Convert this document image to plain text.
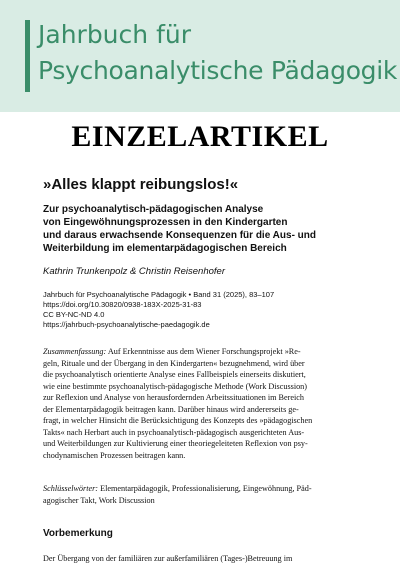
Jahrbuch für
Psychoanalytische Pädagogik
EINZELARTIKEL
»Alles klappt reibungslos!«
Zur psychoanalytisch-pädagogischen Analyse
von Eingewöhnungsprozessen in den Kindergarten
und daraus erwachsende Konsequenzen für die Aus- und
Weiterbildung im elementarpädagogischen Bereich
Kathrin Trunkenpolz & Christin Reisenhofer
Jahrbuch für Psychoanalytische Pädagogik • Band 31 (2025), 83–107
https://doi.org/10.30820/0938-183X-2025-31-83
CC BY-NC-ND 4.0
https://jahrbuch-psychoanalytische-paedagogik.de
Zusammenfassung: Auf Erkenntnisse aus dem Wiener Forschungsprojekt »Re-
geln, Rituale und der Übergang in den Kindergarten« bezugnehmend, wird über
die psychoanalytisch orientierte Analyse eines Fallbeispiels einerseits diskutiert,
wie eine bestimmte psychoanalytisch-pädagogische Methode (Work Discussion)
zur Reflexion und Analyse von herausfordernden Arbeitssituationen im Bereich
der Elementarpädagogik beitragen kann. Darüber hinaus wird andererseits ge-
fragt, in welcher Hinsicht die Berücksichtigung des Konzepts des »pädagogischen
Takts« nach Herbart auch in psychoanalytisch-pädagogisch ausgerichteten Aus-
und Weiterbildungen zur Kultivierung einer theoriegeleiteten Reflexion von psy-
chodynamischen Prozessen beitragen kann.
Schlüsselwörter: Elementarpädagogik, Professionalisierung, Eingewöhnung, Päd-
agogischer Takt, Work Discussion
Vorbemerkung
Der Übergang von der familiären zur außerfamiliären (Tages-)Betreuung im
